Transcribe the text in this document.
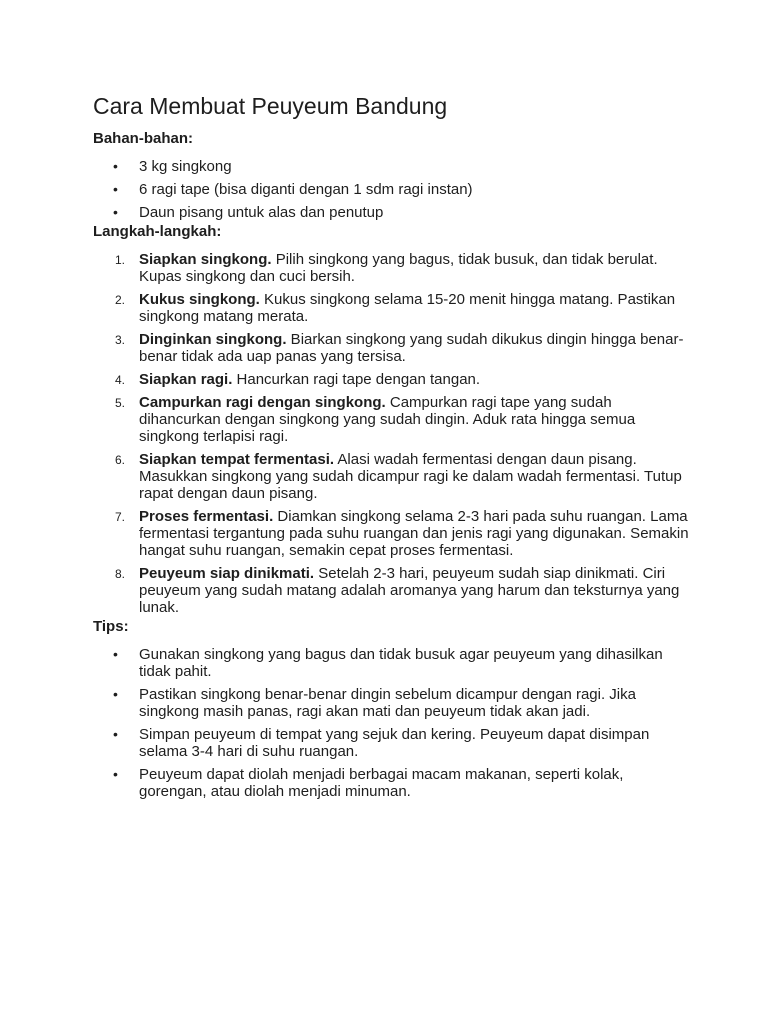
Cara Membuat Peuyeum Bandung
Bahan-bahan:
• 3 kg singkong
• 6 ragi tape (bisa diganti dengan 1 sdm ragi instan)
• Daun pisang untuk alas dan penutup
Langkah-langkah:
1. Siapkan singkong. Pilih singkong yang bagus, tidak busuk, dan tidak berulat. Kupas singkong dan cuci bersih.
2. Kukus singkong. Kukus singkong selama 15-20 menit hingga matang. Pastikan singkong matang merata.
3. Dinginkan singkong. Biarkan singkong yang sudah dikukus dingin hingga benar-benar tidak ada uap panas yang tersisa.
4. Siapkan ragi. Hancurkan ragi tape dengan tangan.
5. Campurkan ragi dengan singkong. Campurkan ragi tape yang sudah dihancurkan dengan singkong yang sudah dingin. Aduk rata hingga semua singkong terlapisi ragi.
6. Siapkan tempat fermentasi. Alasi wadah fermentasi dengan daun pisang. Masukkan singkong yang sudah dicampur ragi ke dalam wadah fermentasi. Tutup rapat dengan daun pisang.
7. Proses fermentasi. Diamkan singkong selama 2-3 hari pada suhu ruangan. Lama fermentasi tergantung pada suhu ruangan dan jenis ragi yang digunakan. Semakin hangat suhu ruangan, semakin cepat proses fermentasi.
8. Peuyeum siap dinikmati. Setelah 2-3 hari, peuyeum sudah siap dinikmati. Ciri peuyeum yang sudah matang adalah aromanya yang harum dan teksturnya yang lunak.
Tips:
• Gunakan singkong yang bagus dan tidak busuk agar peuyeum yang dihasilkan tidak pahit.
• Pastikan singkong benar-benar dingin sebelum dicampur dengan ragi. Jika singkong masih panas, ragi akan mati dan peuyeum tidak akan jadi.
• Simpan peuyeum di tempat yang sejuk dan kering. Peuyeum dapat disimpan selama 3-4 hari di suhu ruangan.
• Peuyeum dapat diolah menjadi berbagai macam makanan, seperti kolak, gorengan, atau diolah menjadi minuman.
